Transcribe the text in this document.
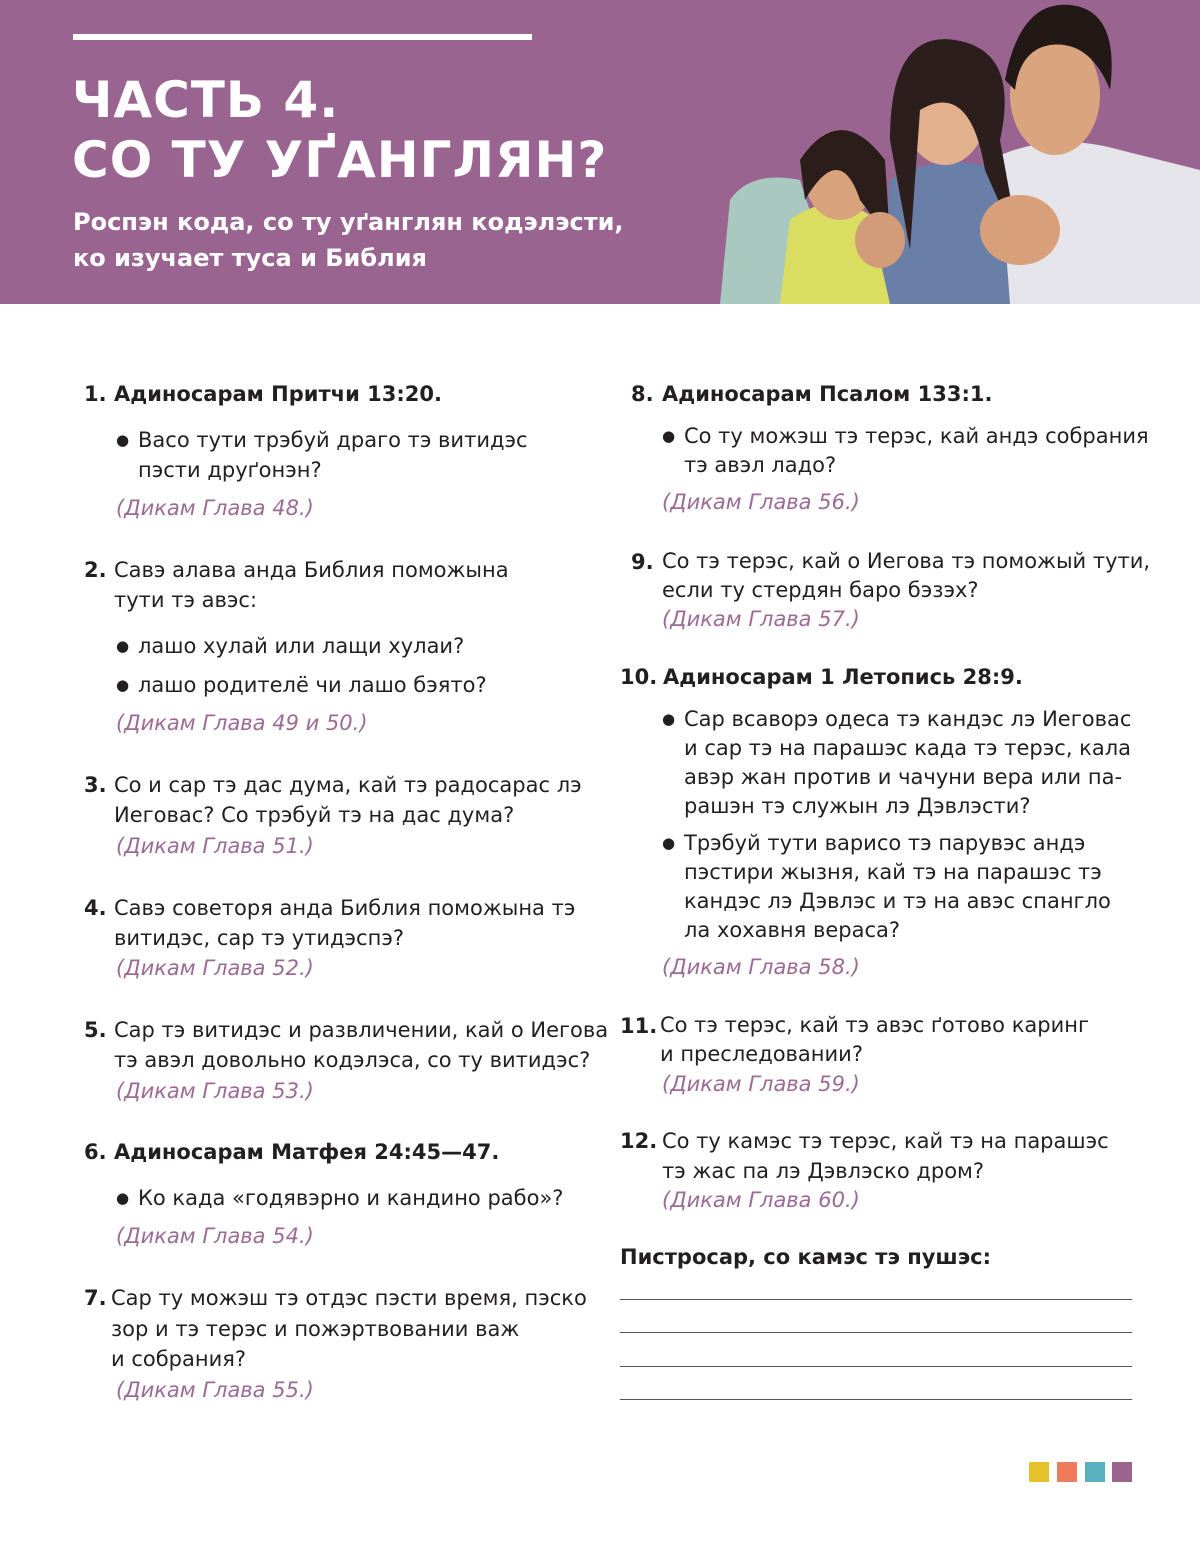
ЧАСТЬ 4.
СО ТУ УҐАНГЛЯН?
Роспэн кода, со ту уґанглян кодэлэсти,
ко изучает туса и Библия
1. Адиносарам Притчи 13:20.
● Васо тути трэбуй драго тэ витидэс
пэсти друґонэн?
(Дикам Глава 48.)
2. Савэ алава анда Библия поможына
тути тэ авэс:
● лашо хулай или лащи хулаи?
● лашо родителё чи лашо бэято?
(Дикам Глава 49 и 50.)
3. Со и сар тэ дас дума, кай тэ радосарас лэ
Иеговас? Со трэбуй тэ на дас дума?
(Дикам Глава 51.)
4. Савэ советоря анда Библия поможына тэ
витидэс, сар тэ утидэспэ?
(Дикам Глава 52.)
5. Сар тэ витидэс и развличении, кай о Иегова
тэ авэл довольно кодэлэса, со ту витидэс?
(Дикам Глава 53.)
6. Адиносарам Матфея 24:45—47.
● Ко када «годявэрно и кандино рабо»?
(Дикам Глава 54.)
7. Сар ту можэш тэ отдэс пэсти время, пэско
зор и тэ терэс и пожэртвовании важ
и собрания?
(Дикам Глава 55.)
8. Адиносарам Псалом 133:1.
● Со ту можэш тэ терэс, кай андэ собрания
тэ авэл ладо?
(Дикам Глава 56.)
9. Со тэ терэс, кай о Иегова тэ поможый тути,
если ту стердян баро бэзэх?
(Дикам Глава 57.)
10. Адиносарам 1 Летопись 28:9.
● Сар всаворэ одеса тэ кандэс лэ Иеговас
и сар тэ на парашэс када тэ терэс, кала
авэр жан против и чачуни вера или па-
рашэн тэ служын лэ Дэвлэсти?
● Трэбуй тути варисо тэ парувэс андэ
пэстири жызня, кай тэ на парашэс тэ
кандэс лэ Дэвлэс и тэ на авэс спангло
ла хохавня вераса?
(Дикам Глава 58.)
11. Со тэ терэс, кай тэ авэс ґотово каринг
и преследовании?
(Дикам Глава 59.)
12. Со ту камэс тэ терэс, кай тэ на парашэс
тэ жас па лэ Дэвлэско дром?
(Дикам Глава 60.)
Пистросар, со камэс тэ пушэс:
